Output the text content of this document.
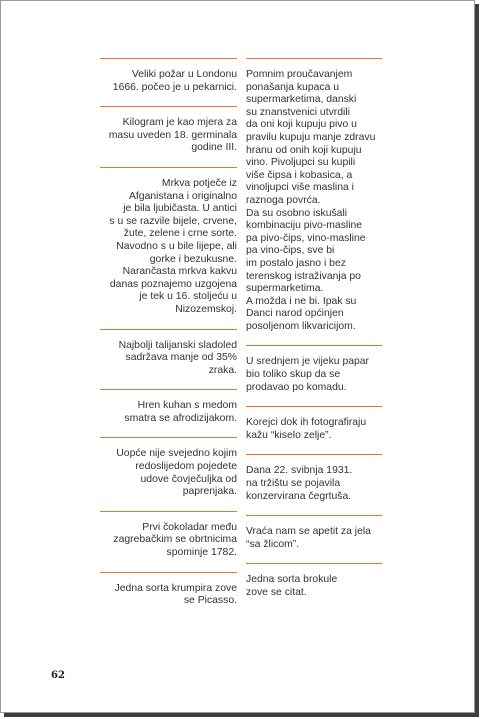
Veliki požar u Londonu
1666. počeo je u pekarnici.
Kilogram je kao mjera za
masu uveden 18. germinala
godine III.
Mrkva potječe iz
Afganistana i originalno
je bila ljubičasta. U antici
s u se razvile bijele, crvene,
žute, zelene i crne sorte.
Navodno s u bile lijepe, ali
gorke i bezukusne.
Narančasta mrkva kakvu
danas poznajemo uzgojena
je tek u 16. stoljeću u
Nizozemskoj.
Najbolji talijanski sladoled
sadržava manje od 35%
zraka.
Hren kuhan s medom
smatra se afrodizijakom.
Uopće nije svejedno kojim
redoslijedom pojedete
udove čovječuljka od
paprenjaka.
Prvi čokoladar među
zagrebačkim se obrtnicima
spominje 1782.
Jedna sorta krumpira zove
se Picasso.
Pomnim proučavanjem
ponašanja kupaca u
supermarketima, danski
su znanstvenici utvrdili
da oni koji kupuju pivo u
pravilu kupuju manje zdravu
hranu od onih koji kupuju
vino. Pivoljupci su kupili
više čipsa i kobasica, a
vinoljupci više maslina i
raznoga povrća.
Da su osobno iskušali
kombinaciju pivo-masline
pa pivo-čips, vino-masline
pa vino-čips, sve bi
im postalo jasno i bez
terenskog istraživanja po
supermarketima.
A možda i ne bi. Ipak su
Danci narod općinjen
posoljenom likvaricijom.
U srednjem je vijeku papar
bio toliko skup da se
prodavao po komadu.
Korejci dok ih fotografiraju
kažu “kiselo zelje”.
Dana 22. svibnja 1931.
na tržištu se pojavila
konzervirana čegrtuša.
Vraća nam se apetit za jela
“sa žlicom”.
Jedna sorta brokule
zove se citat.
62
